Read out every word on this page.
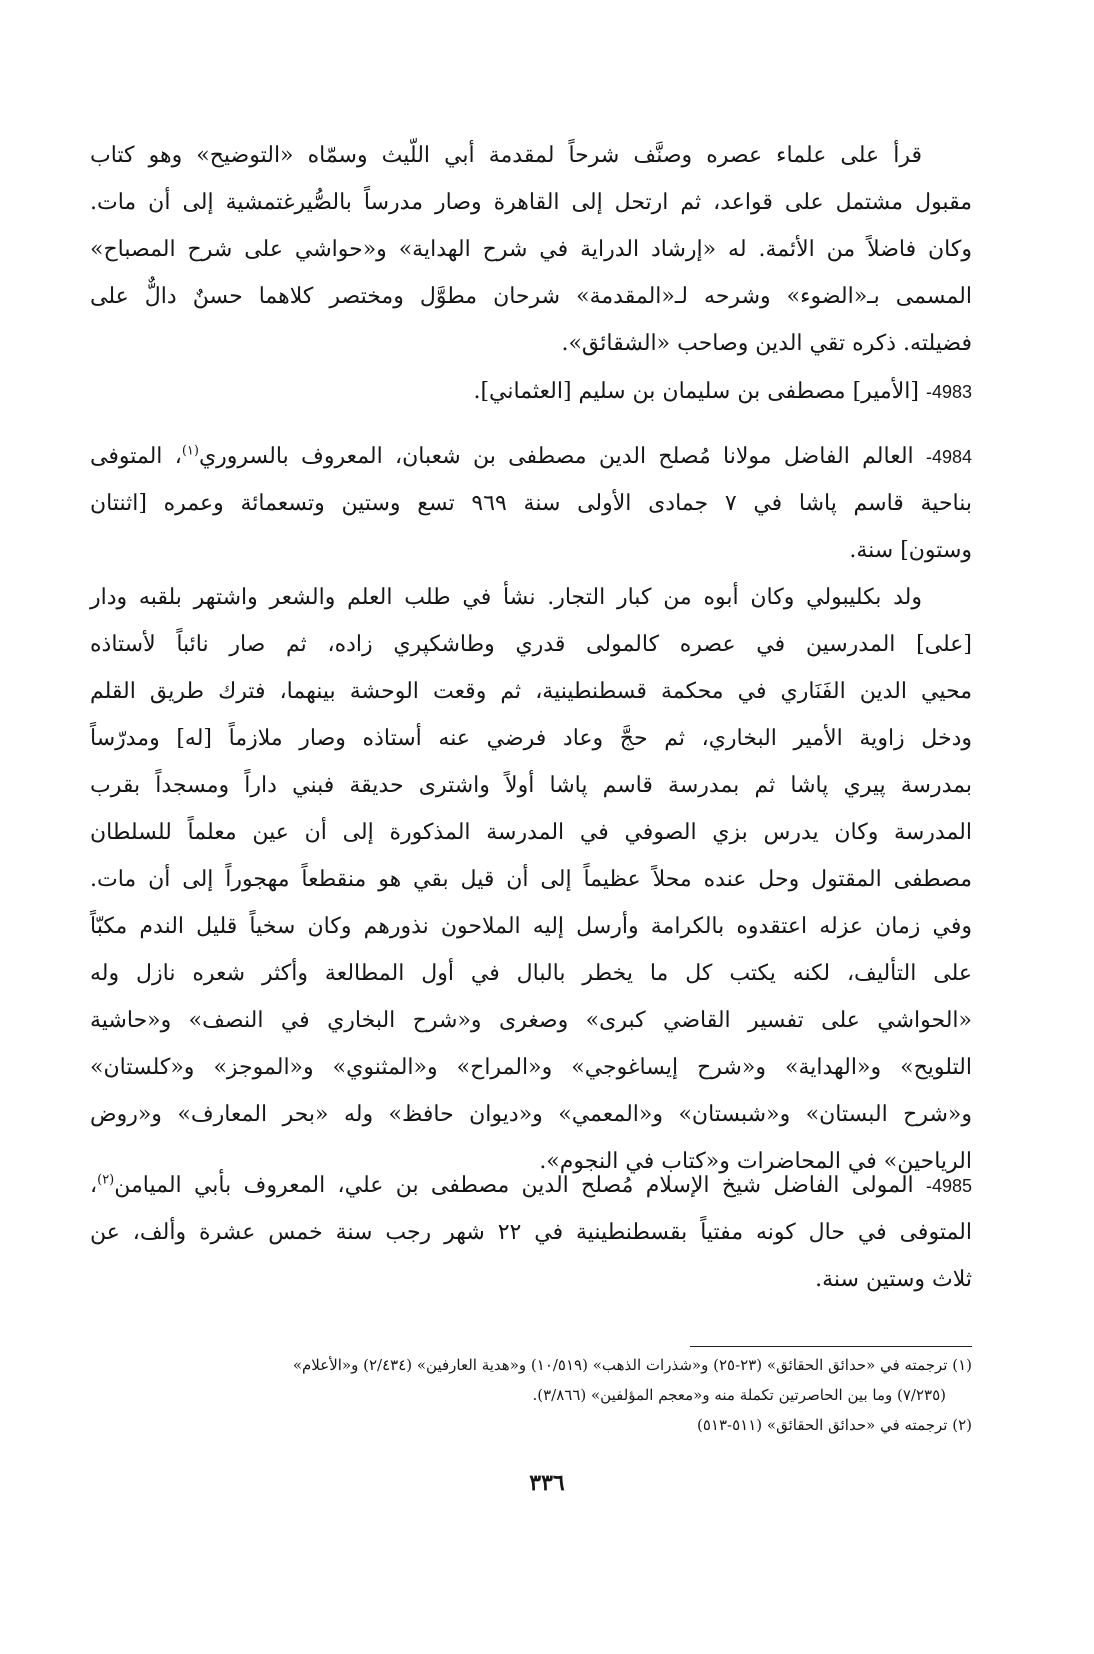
قرأ على علماء عصره وصنَّف شرحاً لمقدمة أبي اللّيث وسمّاه «التوضيح» وهو كتاب
مقبول مشتمل على قواعد، ثم ارتحل إلى القاهرة وصار مدرساً بالصُّيرغتمشية إلى أن مات.
وكان فاضلاً من الأئمة. له «إرشاد الدراية في شرح الهداية» و«حواشي على شرح المصباح»
المسمى بـ«الضوء» وشرحه لـ«المقدمة» شرحان مطوَّل ومختصر كلاهما حسنٌ دالٌّ على
فضيلته. ذكره تقي الدين وصاحب «الشقائق».
4983- [الأمير] مصطفى بن سليمان بن سليم [العثماني].
4984- العالم الفاضل مولانا مُصلح الدين مصطفى بن شعبان، المعروف بالسروري$^{(١)}$، المتوفى
بناحية قاسم پاشا في ٧ جمادى الأولى سنة ٩٦٩ تسع وستين وتسعمائة وعمره [اثنتان
وستون] سنة.
ولد بكليبولي وكان أبوه من كبار التجار. نشأ في طلب العلم والشعر واشتهر بلقبه ودار
[على] المدرسين في عصره كالمولى قدري وطاشكپري زاده، ثم صار نائباً لأستاذه
محيي الدين الفَنَاري في محكمة قسطنطينية، ثم وقعت الوحشة بينهما، فترك طريق القلم
ودخل زاوية الأمير البخاري، ثم حجَّ وعاد فرضي عنه أستاذه وصار ملازماً [له] ومدرّساً
بمدرسة پيري پاشا ثم بمدرسة قاسم پاشا أولاً واشترى حديقة فبني داراً ومسجداً بقرب
المدرسة وكان يدرس بزي الصوفي في المدرسة المذكورة إلى أن عين معلماً للسلطان
مصطفى المقتول وحل عنده محلاً عظيماً إلى أن قيل بقي هو منقطعاً مهجوراً إلى أن مات.
وفي زمان عزله اعتقدوه بالكرامة وأرسل إليه الملاحون نذورهم وكان سخياً قليل الندم مكبّاً
على التأليف، لكنه يكتب كل ما يخطر بالبال في أول المطالعة وأكثر شعره نازل وله
«الحواشي على تفسير القاضي كبرى» وصغرى و«شرح البخاري في النصف» و«حاشية
التلويح» و«الهداية» و«شرح إيساغوجي» و«المراح» و«المثنوي» و«الموجز» و«كلستان»
و«شرح البستان» و«شبستان» و«المعمي» و«ديوان حافظ» وله «بحر المعارف» و«روض
الرياحين» في المحاضرات و«كتاب في النجوم».
4985- المولى الفاضل شيخ الإسلام مُصلح الدين مصطفى بن علي، المعروف بأبي الميامن$^{(٢)}$،
المتوفى في حال كونه مفتياً بقسطنطينية في ٢٢ شهر رجب سنة خمس عشرة وألف، عن
ثلاث وستين سنة.
(١) ترجمته في «حدائق الحقائق» (٢٣-٢٥) و«شذرات الذهب» (١٠/٥١٩) و«هدية العارفين» (٢/٤٣٤) و«الأعلام»
(٧/٢٣٥) وما بين الحاصرتين تكملة منه و«معجم المؤلفين» (٣/٨٦٦).
(٢) ترجمته في «حدائق الحقائق» (٥١١-٥١٣)
٣٣٦
